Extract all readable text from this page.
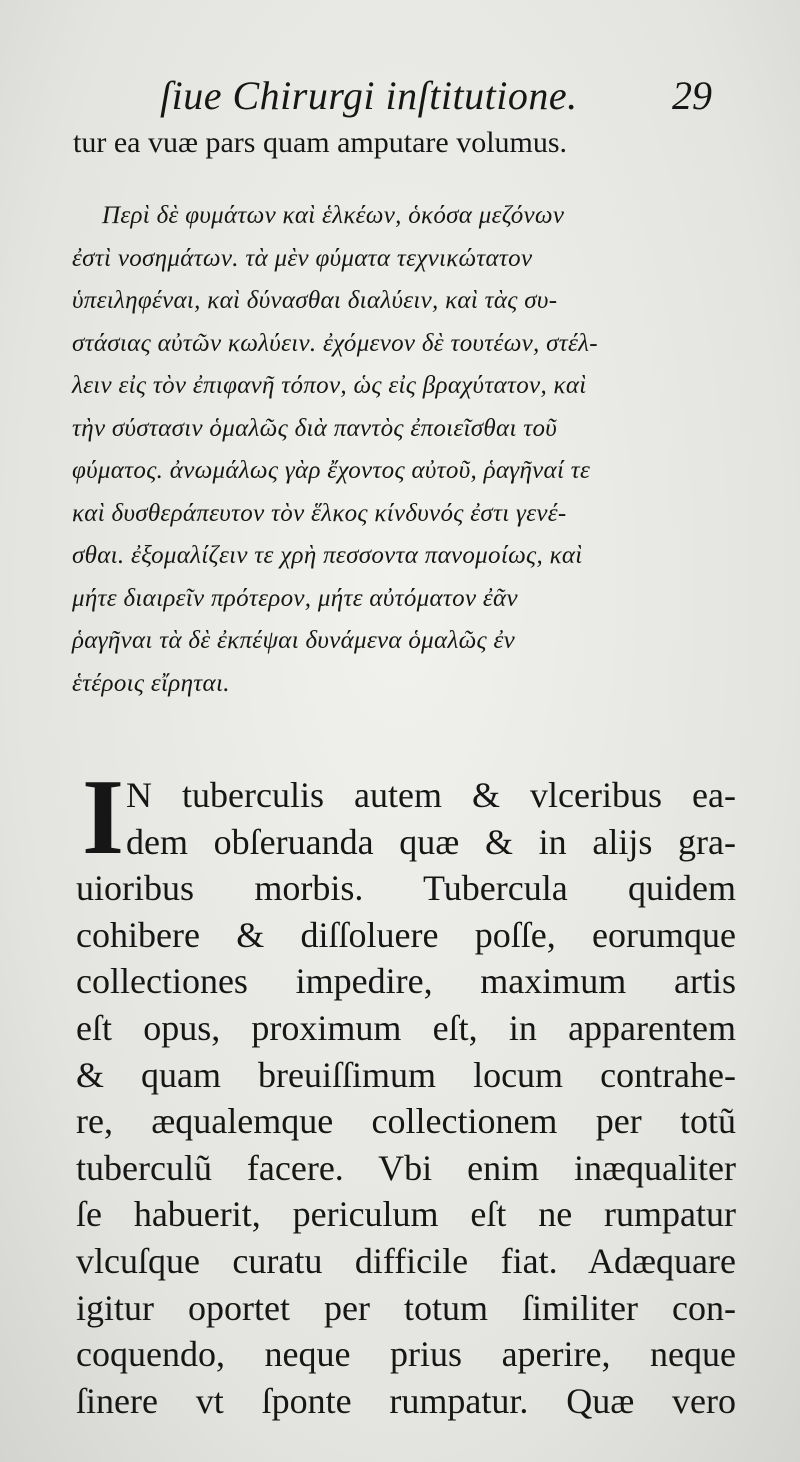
ſiue Chirurgi inſtitutione. 29
tur ea vuæ pars quam amputare volumus.
Περὶ δὲ φυμάτων καὶ ἑλκέων, ὁκόσα μεζόνων
ἐστὶ νοσημάτων. τὰ μὲν φύματα τεχνικώτατον
ὑπειληφέναι, καὶ δύνασθαι διαλύειν, καὶ τὰς συ-
στάσιας αὐτῶν κωλύειν. ἐχόμενον δὲ τουτέων, στέλ-
λειν εἰς τὸν ἐπιφανῆ τόπον, ὡς εἰς βραχύτατον, καὶ
τὴν σύστασιν ὁμαλῶς διὰ παντὸς ἐποιεῖσθαι τοῦ
φύματος. ἀνωμάλως γὰρ ἔχοντος αὐτοῦ, ῥαγῆναί τε
καὶ δυσθεράπευτον τὸν ἕλκος κίνδυνός ἐστι γενέ-
σθαι. ἐξομαλίζειν τε χρὴ πεσσοντα πανομοίως, καὶ
μήτε διαιρεῖν πρότερον, μήτε αὐτόματον ἐᾶν
ῥαγῆναι τὰ δὲ ἐκπέψαι δυνάμενα ὁμαλῶς ἐν
ἑτέροις εἴρηται.
I N tuberculis autem & vlceribus ea-
dem obſeruanda quæ & in alijs gra-
uioribus morbis. Tubercula quidem
cohibere & diſſoluere poſſe, eorumque
collectiones impedire, maximum artis
eſt opus, proximum eſt, in apparentem
& quam breuiſſimum locum contrahe-
re, æqualemque collectionem per totũ
tuberculũ facere. Vbi enim inæqualiter
ſe habuerit, periculum eſt ne rumpatur
vlcuſque curatu difficile fiat. Adæquare
igitur oportet per totum ſimiliter con-
coquendo, neque prius aperire, neque
ſinere vt ſponte rumpatur. Quæ vero
